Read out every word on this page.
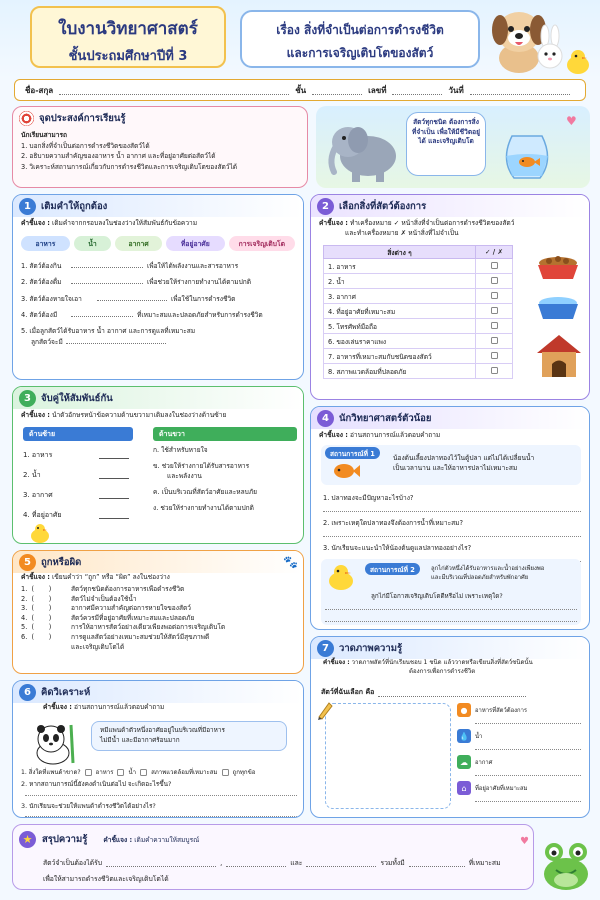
ใบงานวิทยาศาสตร์
ชั้นประถมศึกษาปีที่ 3
เรื่อง สิ่งที่จำเป็นต่อการดำรงชีวิต
และการเจริญเติบโตของสัตว์
ชื่อ-สกุล	ชั้น	เลขที่	วันที่
จุดประสงค์การเรียนรู้
นักเรียนสามารถ
1. บอกสิ่งที่จำเป็นต่อการดำรงชีวิตของสัตว์ได้
2. อธิบายความสำคัญของอาหาร น้ำ อากาศ และที่อยู่อาศัยต่อสัตว์ได้
3. วิเคราะห์สถานการณ์เกี่ยวกับการดำรงชีวิตและการเจริญเติบโตของสัตว์ได้
สัตว์ทุกชนิด ต้องการสิ่งที่จำเป็น เพื่อให้มีชีวิตอยู่ได้ และเจริญเติบโต
♥
1	เติมคำให้ถูกต้อง
คำชี้แจง : เติมคำจากกรอบลงในช่องว่างให้สัมพันธ์กับข้อความ
อาหาร	น้ำ	อากาศ	ที่อยู่อาศัย	การเจริญเติบโต
1. สัตว์ต้องกิน	เพื่อให้ได้พลังงานและสารอาหาร
2. สัตว์ต้องดื่ม	เพื่อช่วยให้ร่างกายทำงานได้ตามปกติ
3. สัตว์ต้องหายใจเอา	เพื่อใช้ในการดำรงชีวิต
4. สัตว์ต้องมี	ที่เหมาะสมและปลอดภัยสำหรับการดำรงชีวิต
5. เมื่อลูกสัตว์ได้รับอาหาร น้ำ อากาศ และการดูแลที่เหมาะสม
ลูกสัตว์จะมี
2	เลือกสิ่งที่สัตว์ต้องการ
คำชี้แจง : ทำเครื่องหมาย ✓ หน้าสิ่งที่จำเป็นต่อการดำรงชีวิตของสัตว์
และทำเครื่องหมาย ✗ หน้าสิ่งที่ไม่จำเป็น
สิ่งต่าง ๆ	✓ / ✗
1. อาหาร	
2. น้ำ	
3. อากาศ	
4. ที่อยู่อาศัยที่เหมาะสม	
5. โทรศัพท์มือถือ	
6. ของเล่นราคาแพง	
7. อาหารที่เหมาะสมกับชนิดของสัตว์	
8. สภาพแวดล้อมที่ปลอดภัย	
3	จับคู่ให้สัมพันธ์กัน
คำชี้แจง : นำตัวอักษรหน้าข้อความด้านขวามาเติมลงในช่องว่างด้านซ้าย
ด้านซ้าย	ด้านขวา
1. อาหาร
2. น้ำ
3. อากาศ
4. ที่อยู่อาศัย
ก. ใช้สำหรับหายใจ
ข. ช่วยให้ร่างกายได้รับสารอาหาร
และพลังงาน
ค. เป็นบริเวณที่สัตว์อาศัยและหลบภัย
ง. ช่วยให้ร่างกายทำงานได้ตามปกติ
4	นักวิทยาศาสตร์ตัวน้อย
คำชี้แจง : อ่านสถานการณ์แล้วตอบคำถาม
สถานการณ์ที่ 1
น้องต้นเลี้ยงปลาทองไว้ในตู้ปลา แต่ไม่ได้เปลี่ยนน้ำ
เป็นเวลานาน และให้อาหารปลาไม่เหมาะสม
1. ปลาทองจะมีปัญหาอะไรบ้าง?
2. เพราะเหตุใดปลาทองจึงต้องการน้ำที่เหมาะสม?
3. นักเรียนจะแนะนำให้น้องต้นดูแลปลาทองอย่างไร?
สถานการณ์ที่ 2	ลูกไก่ตัวหนึ่งได้รับอาหารและน้ำอย่างเพียงพอ
และมีบริเวณที่ปลอดภัยสำหรับพักอาศัย
ลูกไก่มีโอกาสเจริญเติบโตดีหรือไม่ เพราะเหตุใด?
5	ถูกหรือผิด	🐾
คำชี้แจง : เขียนคำว่า “ถูก” หรือ “ผิด” ลงในช่องว่าง
1.  (       )	สัตว์ทุกชนิดต้องการอาหารเพื่อดำรงชีวิต
2.  (       )	สัตว์ไม่จำเป็นต้องใช้น้ำ
3.  (       )	อากาศมีความสำคัญต่อการหายใจของสัตว์
4.  (       )	สัตว์ควรมีที่อยู่อาศัยที่เหมาะสมและปลอดภัย
5.  (       )	การให้อาหารสัตว์อย่างเดียวเพียงพอต่อการเจริญเติบโต
6.  (       )	การดูแลสัตว์อย่างเหมาะสมช่วยให้สัตว์มีสุขภาพดี
และเจริญเติบโตได้
6	คิดวิเคราะห์
คำชี้แจง : อ่านสถานการณ์แล้วตอบคำถาม
หมีแพนด้าตัวหนึ่งอาศัยอยู่ในบริเวณที่มีอาหาร
ไม่มีน้ำ และมีอากาศร้อนมาก
1. สิ่งใดที่แพนด้าขาด? อาหาร น้ำ สภาพแวดล้อมที่เหมาะสม ถูกทุกข้อ
2. หากสถานการณ์นี้ยังคงดำเนินต่อไป จะเกิดอะไรขึ้น?
3. นักเรียนจะช่วยให้แพนด้าดำรงชีวิตได้อย่างไร?
7	วาดภาพความรู้
คำชี้แจง : วาดภาพสัตว์ที่นักเรียนชอบ 1 ชนิด แล้ววาดหรือเขียนสิ่งที่สัตว์ชนิดนั้น
ต้องการเพื่อการดำรงชีวิต
สัตว์ที่ฉันเลือก คือ
●	อาหารที่สัตว์ต้องการ
💧	น้ำ
☁	อากาศ
⌂	ที่อยู่อาศัยที่เหมาะสม
★	สรุปความรู้ คำชี้แจง : เติมคำความให้สมบูรณ์
สัตว์จำเป็นต้องได้รับ	,	และ	รวมทั้งมี	ที่เหมาะสม
เพื่อให้สามารถดำรงชีวิตและเจริญเติบโตได้
♥
